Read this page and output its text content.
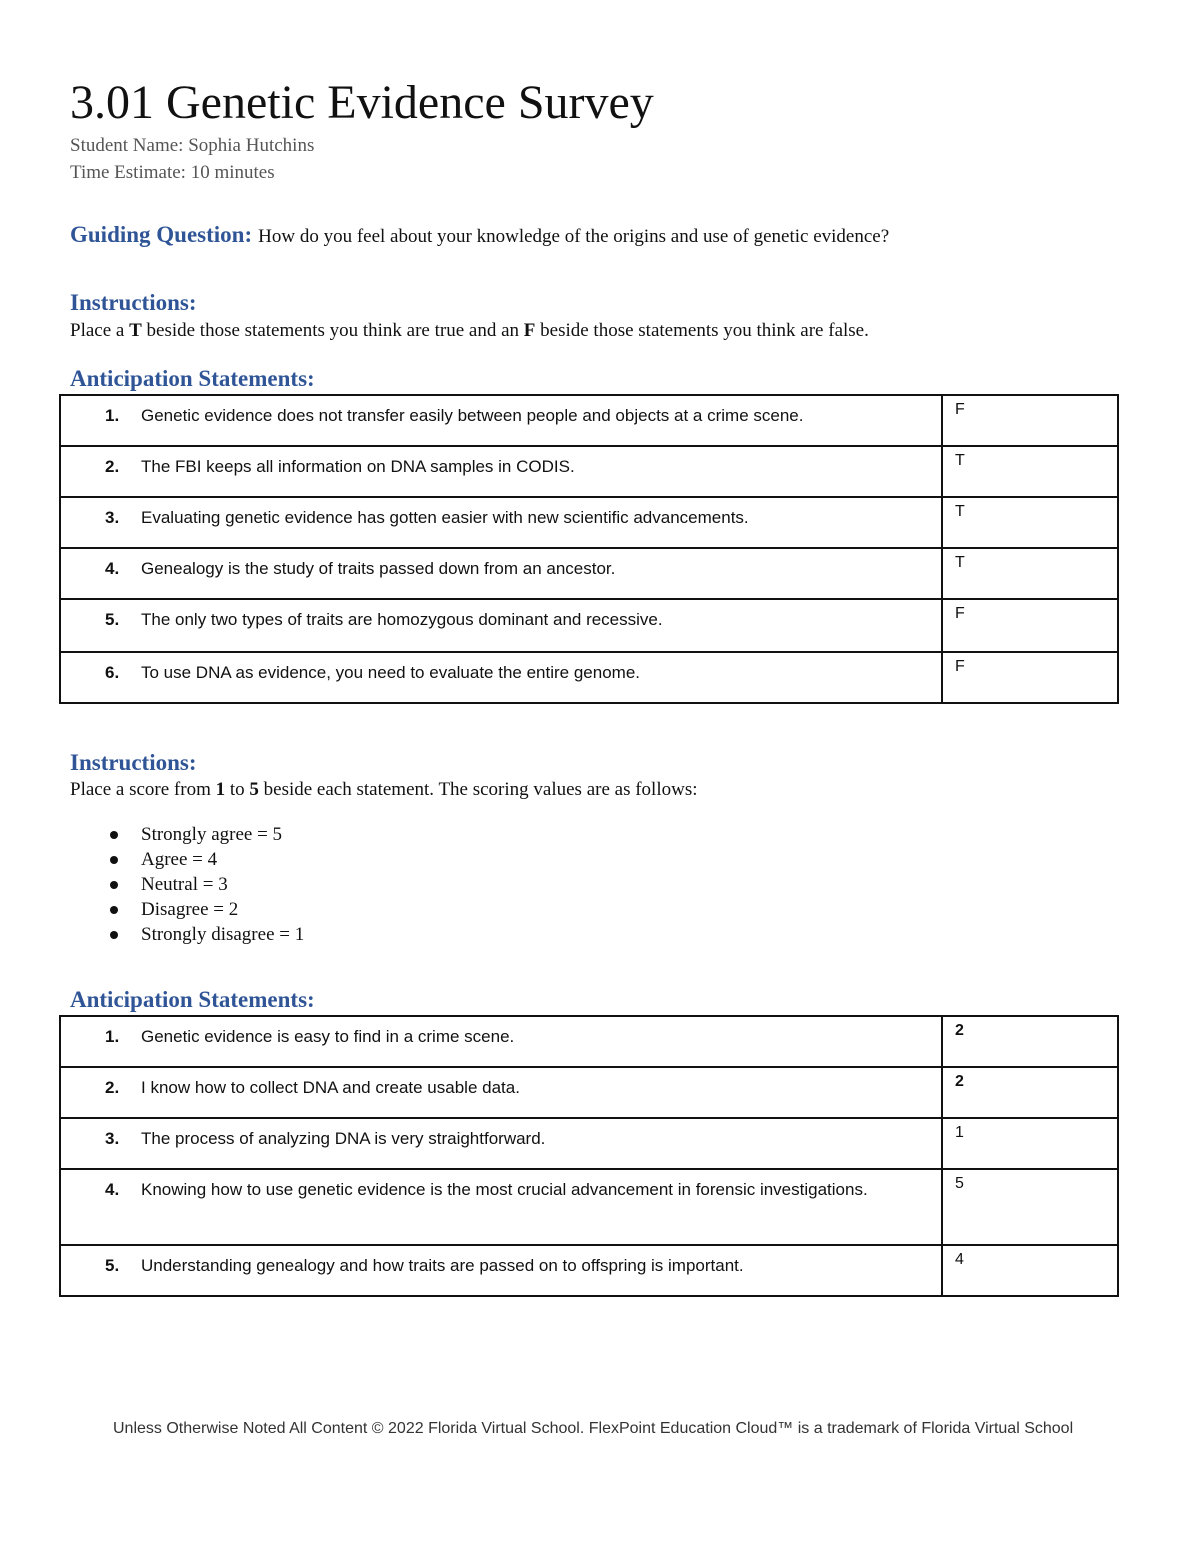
3.01 Genetic Evidence Survey
Student Name: Sophia Hutchins
Time Estimate: 10 minutes
Guiding Question: How do you feel about your knowledge of the origins and use of genetic evidence?
Instructions:
Place a T beside those statements you think are true and an F beside those statements you think are false.
Anticipation Statements:
1. Genetic evidence does not transfer easily between people and objects at a crime scene.	F

2. The FBI keeps all information on DNA samples in CODIS.	T

3. Evaluating genetic evidence has gotten easier with new scientific advancements.	T

4. Genealogy is the study of traits passed down from an ancestor.	T

5. The only two types of traits are homozygous dominant and recessive.	F

6. To use DNA as evidence, you need to evaluate the entire genome.	F
Instructions:
Place a score from 1 to 5 beside each statement. The scoring values are as follows:
Strongly agree = 5
Agree = 4
Neutral = 3
Disagree = 2
Strongly disagree = 1
Anticipation Statements:
1. Genetic evidence is easy to find in a crime scene.	2

2. I know how to collect DNA and create usable data.	2

3. The process of analyzing DNA is very straightforward.	1

4. Knowing how to use genetic evidence is the most crucial advancement in forensic investigations.	5

5. Understanding genealogy and how traits are passed on to offspring is important.	4
Unless Otherwise Noted All Content © 2022 Florida Virtual School. FlexPoint Education Cloud™ is a trademark of Florida Virtual School
